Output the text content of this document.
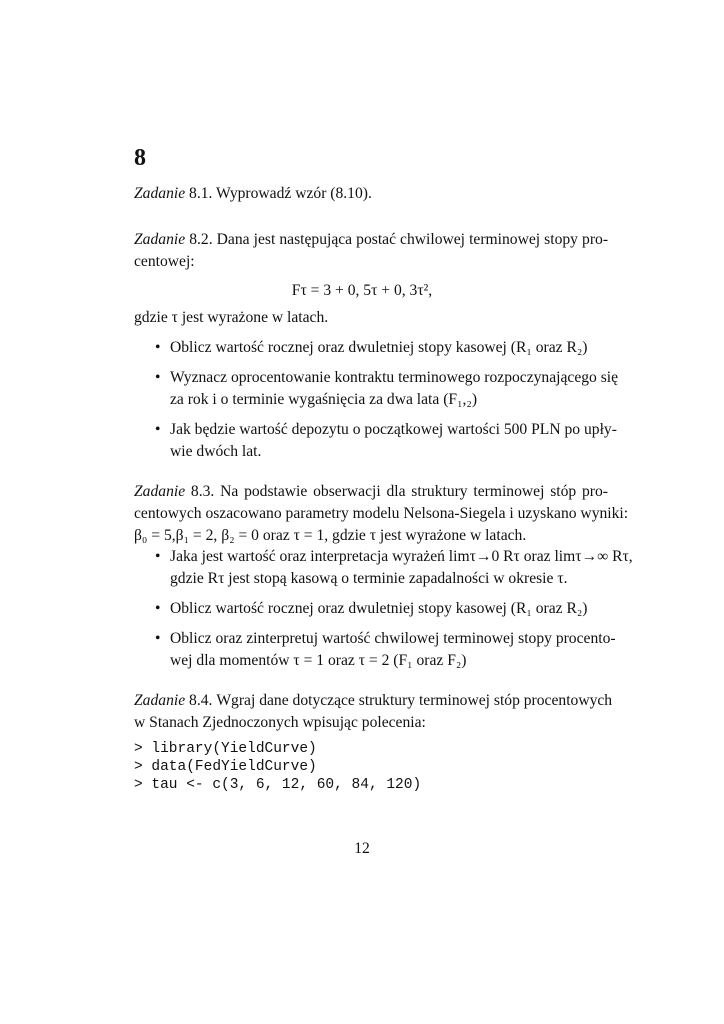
8
Zadanie 8.1. Wyprowadź wzór (8.10).
Zadanie 8.2. Dana jest następująca postać chwilowej terminowej stopy pro-
centowej:
Fτ = 3 + 0, 5τ + 0, 3τ²,
gdzie τ jest wyrażone w latach.
• Oblicz wartość rocznej oraz dwuletniej stopy kasowej (R₁ oraz R₂)
• Wyznacz oprocentowanie kontraktu terminowego rozpoczynającego się
za rok i o terminie wygaśnięcia za dwa lata (F₁,₂)
• Jak będzie wartość depozytu o początkowej wartości 500 PLN po upły-
wie dwóch lat.
Zadanie 8.3. Na podstawie obserwacji dla struktury terminowej stóp pro-
centowych oszacowano parametry modelu Nelsona-Siegela i uzyskano wyniki:
β₀ = 5,β₁ = 2, β₂ = 0 oraz τ = 1, gdzie τ jest wyrażone w latach.
• Jaka jest wartość oraz interpretacja wyrażeń limτ→0 Rτ oraz limτ→∞ Rτ,
gdzie Rτ jest stopą kasową o terminie zapadalności w okresie τ.
• Oblicz wartość rocznej oraz dwuletniej stopy kasowej (R₁ oraz R₂)
• Oblicz oraz zinterpretuj wartość chwilowej terminowej stopy procento-
wej dla momentów τ = 1 oraz τ = 2 (F₁ oraz F₂)
Zadanie 8.4. Wgraj dane dotyczące struktury terminowej stóp procentowych
w Stanach Zjednoczonych wpisując polecenia:
> library(YieldCurve)
> data(FedYieldCurve)
> tau <- c(3, 6, 12, 60, 84, 120)
12
